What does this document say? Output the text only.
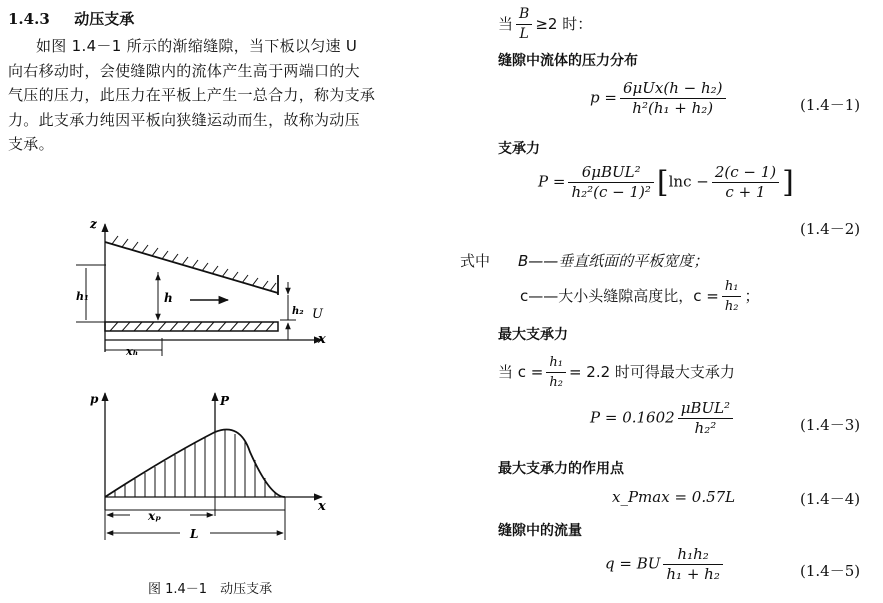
1.4.3 动压支承
如图 1.4－1 所示的渐缩缝隙，当下板以匀速 U
向右移动时，会使缝隙内的流体产生高于两端口的大
气压的压力，此压力在平板上产生一总合力，称为支承
力。此支承力纯因平板向狭缝运动而生，故称为动压
支承。
z
h₁	h
h₂ U
x
xₕ
p	P
x
xₚ
L
图 1.4－1　动压支承
当 $\frac{B}{L} \ge 2$ 时：
缝隙中流体的压力分布
$p = \frac{\text{6μUx(h − h₂)}}{\text{h²(h₁ + h₂)}}$	(1.4－1)
支承力
$P = \frac{\text{6μBUL²}}{\text{h₂²(c − 1)²}} [\ln c - \frac{2(c - 1)}{c + 1}$ ]
(1.4－2)
式中 B——垂直纸面的平板宽度；
c——大小头缝隙高度比，$c = \frac{\text{h₁}}{\text{h₂}}$ ；
最大支承力
当 $c = \frac{\text{h₁}}{\text{h₂}} = 2.2$ 时可得最大支承力
$P = 0.1602 \frac{\text{μBUL²}}{\text{h₂²}}$	(1.4－3)
最大支承力的作用点
x_Pmax = 0.57L	(1.4－4)
缝隙中的流量
q = BU $\frac{\text{h₁h₂}}{\text{h₁ + h₂}}$	(1.4－5)
